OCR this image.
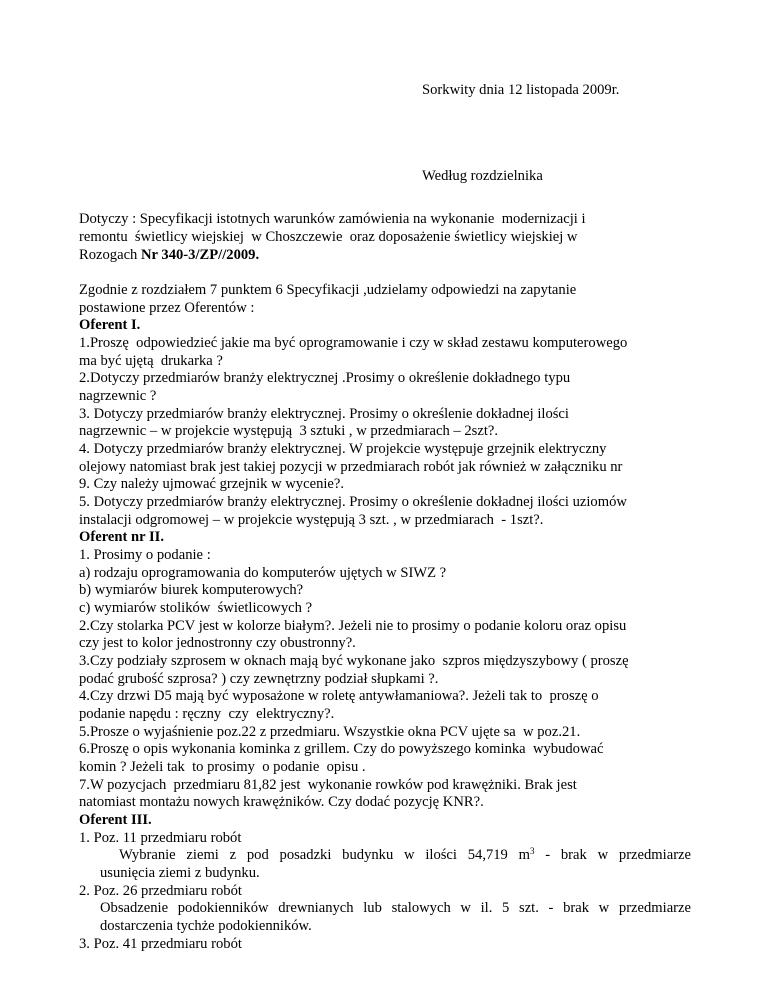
Sorkwity dnia 12 listopada 2009r.
Według rozdzielnika
Dotyczy : Specyfikacji istotnych warunków zamówienia na wykonanie  modernizacji i
remontu  świetlicy wiejskiej  w Choszczewie  oraz doposażenie świetlicy wiejskiej w
Rozogach Nr 340-3/ZP//2009.
Zgodnie z rozdziałem 7 punktem 6 Specyfikacji ,udzielamy odpowiedzi na zapytanie
postawione przez Oferentów :
Oferent I.
1.Proszę  odpowiedzieć jakie ma być oprogramowanie i czy w skład zestawu komputerowego
ma być ujętą  drukarka ?
2.Dotyczy przedmiarów branży elektrycznej .Prosimy o określenie dokładnego typu
nagrzewnic ?
3. Dotyczy przedmiarów branży elektrycznej. Prosimy o określenie dokładnej ilości
nagrzewnic – w projekcie występują  3 sztuki , w przedmiarach – 2szt?.
4. Dotyczy przedmiarów branży elektrycznej. W projekcie występuje grzejnik elektryczny
olejowy natomiast brak jest takiej pozycji w przedmiarach robót jak również w załączniku nr
9. Czy należy ujmować grzejnik w wycenie?.
5. Dotyczy przedmiarów branży elektrycznej. Prosimy o określenie dokładnej ilości uziomów
instalacji odgromowej – w projekcie występują 3 szt. , w przedmiarach  - 1szt?.
Oferent nr II.
1. Prosimy o podanie :
a) rodzaju oprogramowania do komputerów ujętych w SIWZ ?
b) wymiarów biurek komputerowych?
c) wymiarów stolików  świetlicowych ?
2.Czy stolarka PCV jest w kolorze białym?. Jeżeli nie to prosimy o podanie koloru oraz opisu
czy jest to kolor jednostronny czy obustronny?.
3.Czy podziały szprosem w oknach mają być wykonane jako  szpros międzyszybowy ( proszę
podać grubość szprosa? ) czy zewnętrzny podział słupkami ?.
4.Czy drzwi D5 mają być wyposażone w roletę antywłamaniowa?. Jeżeli tak to  proszę o
podanie napędu : ręczny  czy  elektryczny?.
5.Prosze o wyjaśnienie poz.22 z przedmiaru. Wszystkie okna PCV ujęte sa  w poz.21.
6.Proszę o opis wykonania kominka z grillem. Czy do powyższego kominka  wybudować
komin ? Jeżeli tak  to prosimy  o podanie  opisu .
7.W pozycjach  przedmiaru 81,82 jest  wykonanie rowków pod krawężniki. Brak jest
natomiast montażu nowych krawężników. Czy dodać pozycję KNR?.
Oferent III.
1. Poz. 11 przedmiaru robót
Wybranie ziemi z pod posadzki budynku w ilości 54,719 $m^3$ - brak w przedmiarze
usunięcia ziemi z budynku.
2. Poz. 26 przedmiaru robót
Obsadzenie podokienników drewnianych lub stalowych w il. 5 szt. - brak w przedmiarze
dostarczenia tychże podokienników.
3. Poz. 41 przedmiaru robót
